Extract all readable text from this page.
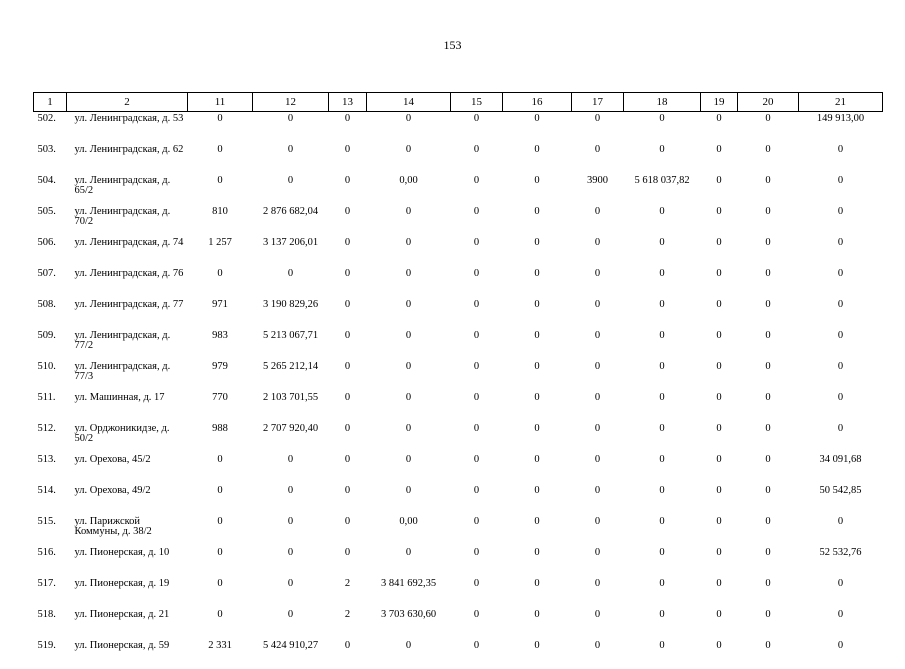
153
1	2	11	12	13	14	15	16	17	18	19	20	21
502.	ул. Ленинградская, д. 53	0	0	0	0	0	0	0	0	0	0	149 913,00
503.	ул. Ленинградская, д. 62	0	0	0	0	0	0	0	0	0	0	0
504.	ул. Ленинградская, д. 65/2	0	0	0	0,00	0	0	3900	5 618 037,82	0	0	0
505.	ул. Ленинградская, д. 70/2	810	2 876 682,04	0	0	0	0	0	0	0	0	0
506.	ул. Ленинградская, д. 74	1 257	3 137 206,01	0	0	0	0	0	0	0	0	0
507.	ул. Ленинградская, д. 76	0	0	0	0	0	0	0	0	0	0	0
508.	ул. Ленинградская, д. 77	971	3 190 829,26	0	0	0	0	0	0	0	0	0
509.	ул. Ленинградская, д. 77/2	983	5 213 067,71	0	0	0	0	0	0	0	0	0
510.	ул. Ленинградская, д. 77/3	979	5 265 212,14	0	0	0	0	0	0	0	0	0
511.	ул. Машинная, д. 17	770	2 103 701,55	0	0	0	0	0	0	0	0	0
512.	ул. Орджоникидзе, д. 50/2	988	2 707 920,40	0	0	0	0	0	0	0	0	0
513.	ул. Орехова, 45/2	0	0	0	0	0	0	0	0	0	0	34 091,68
514.	ул. Орехова, 49/2	0	0	0	0	0	0	0	0	0	0	50 542,85
515.	ул. Парижской Коммуны, д. 38/2	0	0	0	0,00	0	0	0	0	0	0	0
516.	ул. Пионерская, д. 10	0	0	0	0	0	0	0	0	0	0	52 532,76
517.	ул. Пионерская, д. 19	0	0	2	3 841 692,35	0	0	0	0	0	0	0
518.	ул. Пионерская, д. 21	0	0	2	3 703 630,60	0	0	0	0	0	0	0
519.	ул. Пионерская, д. 59	2 331	5 424 910,27	0	0	0	0	0	0	0	0	0
